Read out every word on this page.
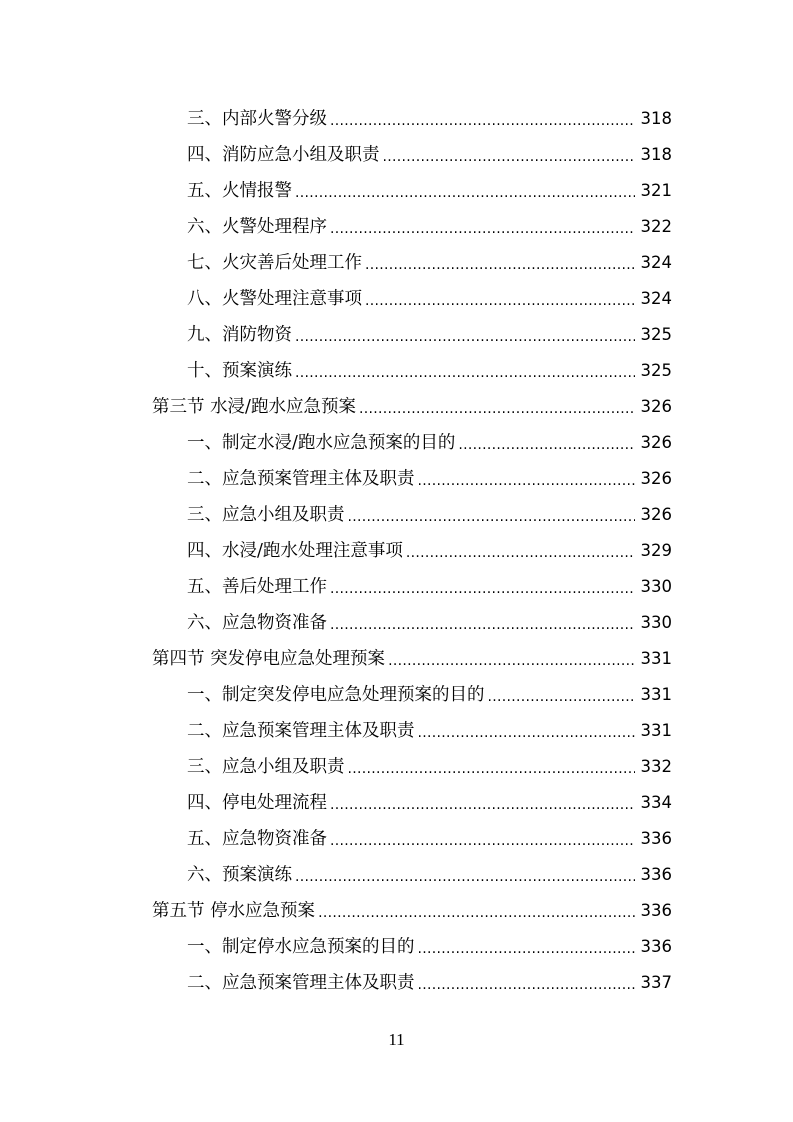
三、内部火警分级 .....	318
四、消防应急小组及职责 .....	318
五、火情报警 .....	321
六、火警处理程序 .....	322
七、火灾善后处理工作 .....	324
八、火警处理注意事项 .....	324
九、消防物资 .....	325
十、预案演练 .....	325
第三节 水浸/跑水应急预案 .....	326
一、制定水浸/跑水应急预案的目的 .....	326
二、应急预案管理主体及职责 .....	326
三、应急小组及职责 .....	326
四、水浸/跑水处理注意事项 .....	329
五、善后处理工作 .....	330
六、应急物资准备 .....	330
第四节 突发停电应急处理预案 .....	331
一、制定突发停电应急处理预案的目的 .....	331
二、应急预案管理主体及职责 .....	331
三、应急小组及职责 .....	332
四、停电处理流程 .....	334
五、应急物资准备 .....	336
六、预案演练 .....	336
第五节 停水应急预案 .....	336
一、制定停水应急预案的目的 .....	336
二、应急预案管理主体及职责 .....	337
11
